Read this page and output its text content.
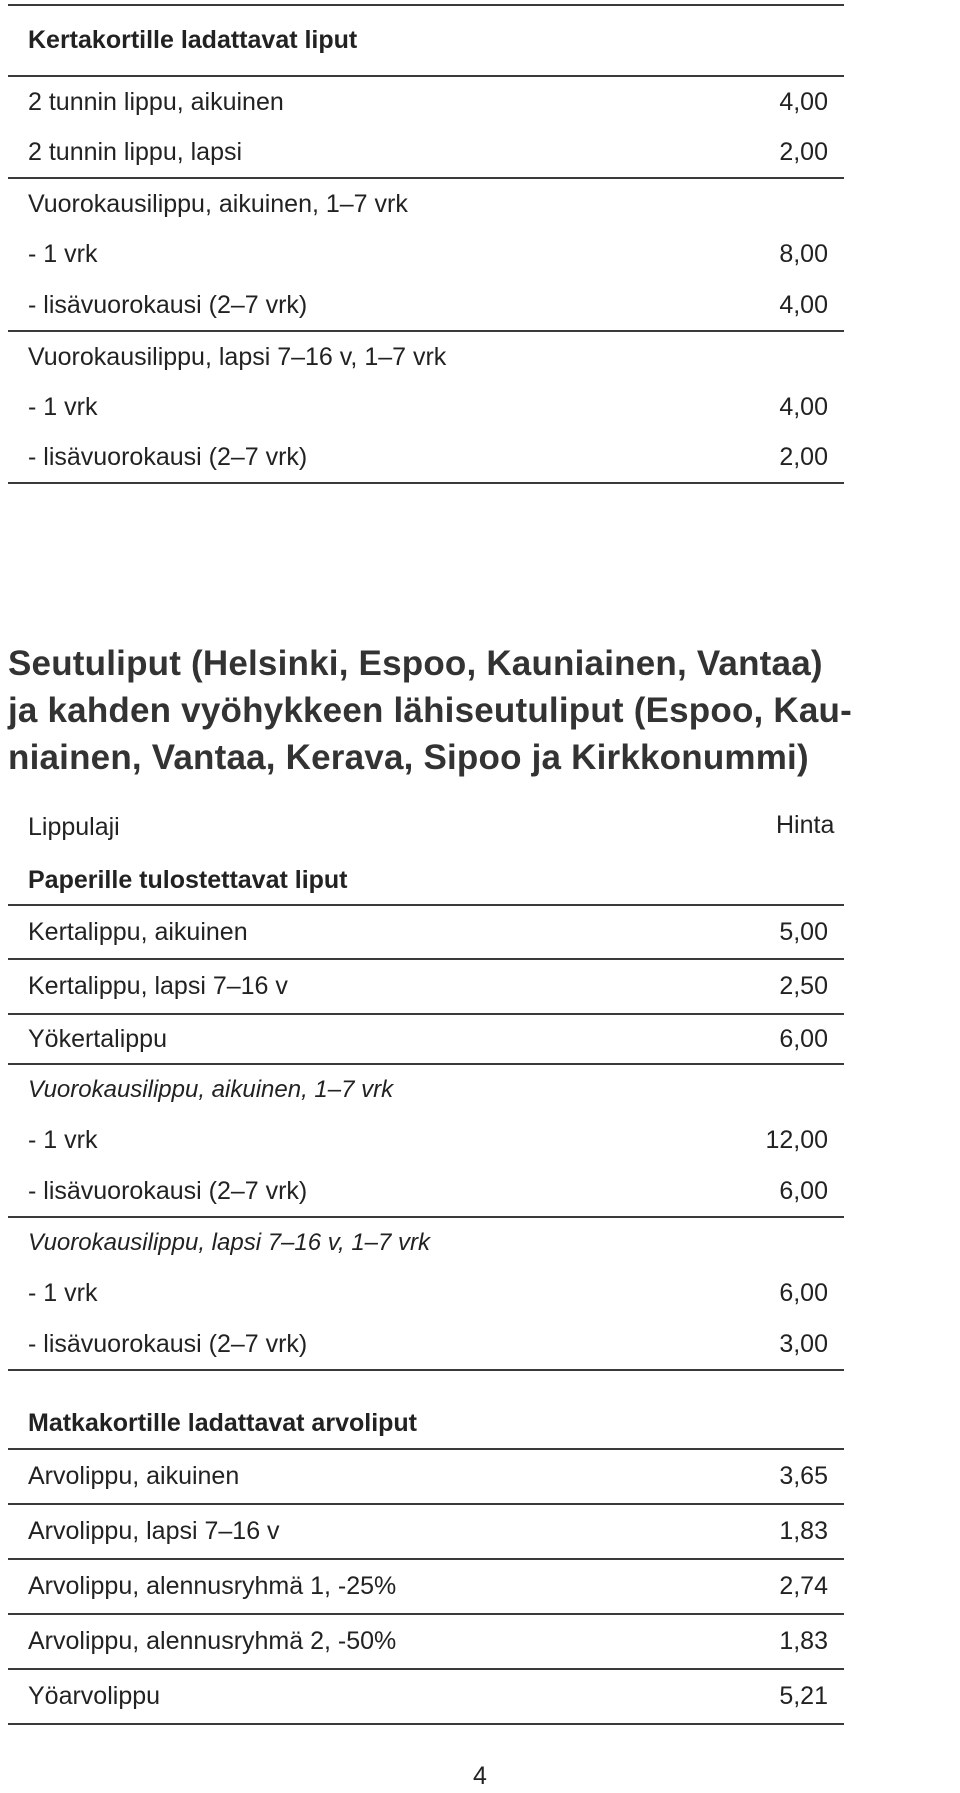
Kertakortille ladattavat liput
2 tunnin lippu, aikuinen	4,00
2 tunnin lippu, lapsi	2,00
Vuorokausilippu, aikuinen, 1–7 vrk
- 1 vrk	8,00
- lisävuorokausi (2–7 vrk)	4,00
Vuorokausilippu, lapsi 7–16 v, 1–7 vrk
- 1 vrk	4,00
- lisävuorokausi (2–7 vrk)	2,00
Seutuliput (Helsinki, Espoo, Kauniainen, Vantaa)
ja kahden vyöhykkeen lähiseutuliput (Espoo, Kau-
niainen, Vantaa, Kerava, Sipoo ja Kirkkonummi)
Lippulaji	Hinta
Paperille tulostettavat liput
Kertalippu, aikuinen	5,00
Kertalippu, lapsi 7–16 v	2,50
Yökertalippu	6,00
Vuorokausilippu, aikuinen, 1–7 vrk
- 1 vrk	12,00
- lisävuorokausi (2–7 vrk)	6,00
Vuorokausilippu, lapsi 7–16 v, 1–7 vrk
- 1 vrk	6,00
- lisävuorokausi (2–7 vrk)	3,00
Matkakortille ladattavat arvoliput
Arvolippu, aikuinen	3,65
Arvolippu, lapsi 7–16 v	1,83
Arvolippu, alennusryhmä 1, -25%	2,74
Arvolippu, alennusryhmä 2, -50%	1,83
Yöarvolippu	5,21
4
